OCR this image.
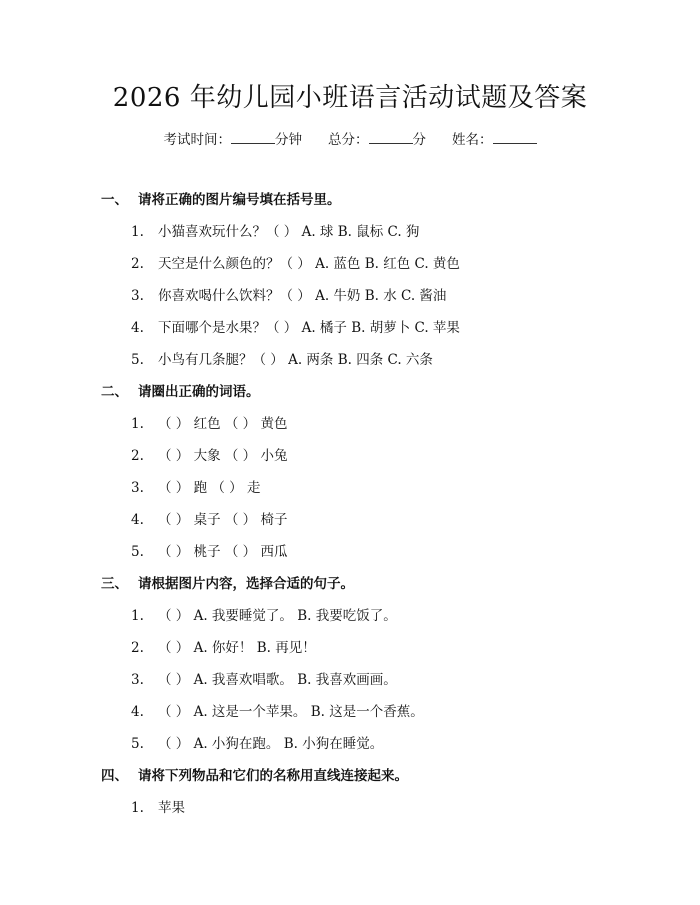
2026 年幼儿园小班语言活动试题及答案
考试时间：	分钟 总分：	分 姓名：
一、 请将正确的图片编号填在括号里。
1. 小猫喜欢玩什么？（ ） A. 球 B. 鼠标 C. 狗
2. 天空是什么颜色的？（ ） A. 蓝色 B. 红色 C. 黄色
3. 你喜欢喝什么饮料？（ ） A. 牛奶 B. 水 C. 酱油
4. 下面哪个是水果？（ ） A. 橘子 B. 胡萝卜 C. 苹果
5. 小鸟有几条腿？（ ） A. 两条 B. 四条 C. 六条
二、 请圈出正确的词语。
1. （ ） 红色 （ ） 黄色
2. （ ） 大象 （ ） 小兔
3. （ ） 跑 （ ） 走
4. （ ） 桌子 （ ） 椅子
5. （ ） 桃子 （ ） 西瓜
三、 请根据图片内容，选择合适的句子。
1. （ ） A. 我要睡觉了。 B. 我要吃饭了。
2. （ ） A. 你好！ B. 再见！
3. （ ） A. 我喜欢唱歌。 B. 我喜欢画画。
4. （ ） A. 这是一个苹果。 B. 这是一个香蕉。
5. （ ） A. 小狗在跑。 B. 小狗在睡觉。
四、 请将下列物品和它们的名称用直线连接起来。
1. 苹果
